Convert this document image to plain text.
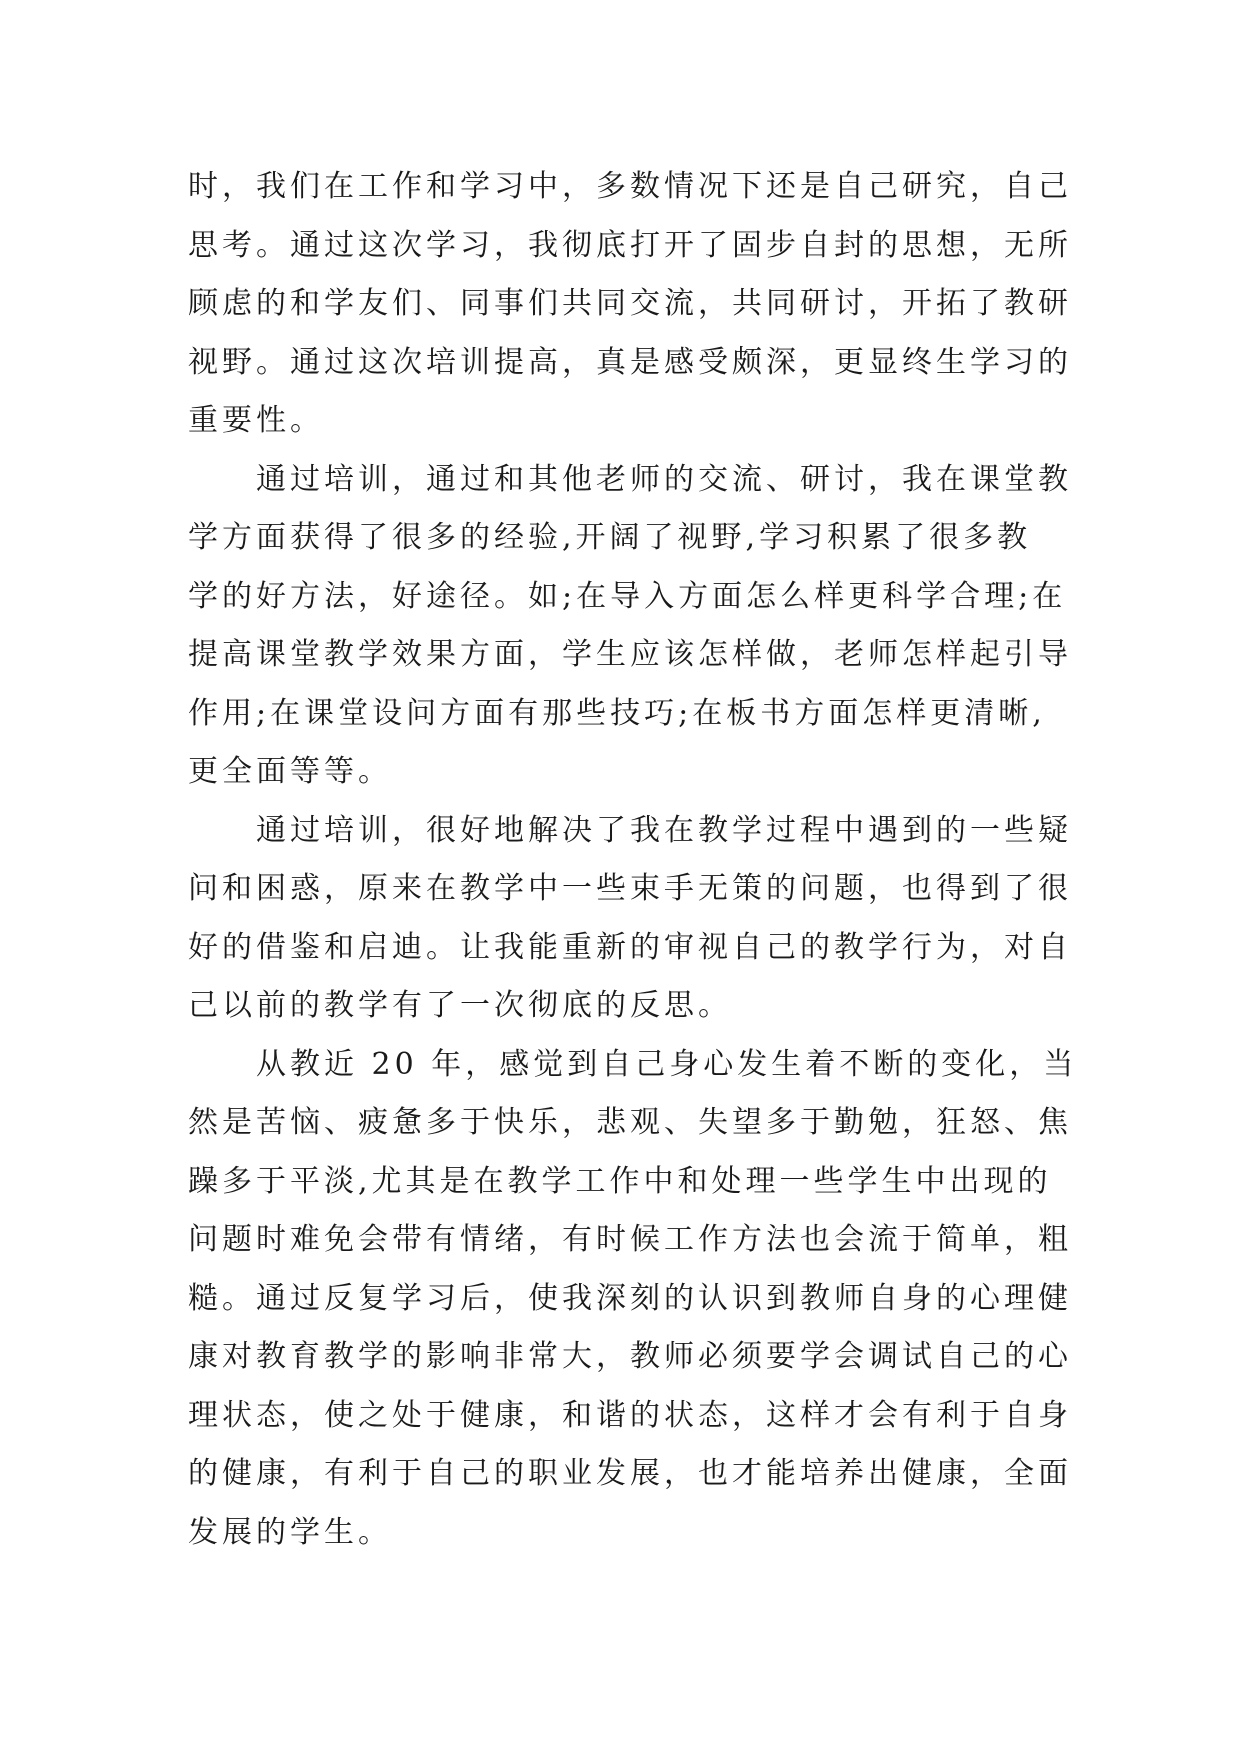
时，我们在工作和学习中，多数情况下还是自己研究，自己
思考。通过这次学习，我彻底打开了固步自封的思想，无所
顾虑的和学友们、同事们共同交流，共同研讨，开拓了教研
视野。通过这次培训提高，真是感受颇深，更显终生学习的
重要性。
　　通过培训，通过和其他老师的交流、研讨，我在课堂教
学方面获得了很多的经验,开阔了视野,学习积累了很多教
学的好方法，好途径。如;在导入方面怎么样更科学合理;在
提高课堂教学效果方面，学生应该怎样做，老师怎样起引导
作用;在课堂设问方面有那些技巧;在板书方面怎样更清晰,
更全面等等。
　　通过培训，很好地解决了我在教学过程中遇到的一些疑
问和困惑，原来在教学中一些束手无策的问题，也得到了很
好的借鉴和启迪。让我能重新的审视自己的教学行为，对自
己以前的教学有了一次彻底的反思。
　　从教近 20 年，感觉到自己身心发生着不断的变化，当
然是苦恼、疲惫多于快乐，悲观、失望多于勤勉，狂怒、焦
躁多于平淡,尤其是在教学工作中和处理一些学生中出现的
问题时难免会带有情绪，有时候工作方法也会流于简单，粗
糙。通过反复学习后，使我深刻的认识到教师自身的心理健
康对教育教学的影响非常大，教师必须要学会调试自己的心
理状态，使之处于健康，和谐的状态，这样才会有利于自身
的健康，有利于自己的职业发展，也才能培养出健康，全面
发展的学生。
